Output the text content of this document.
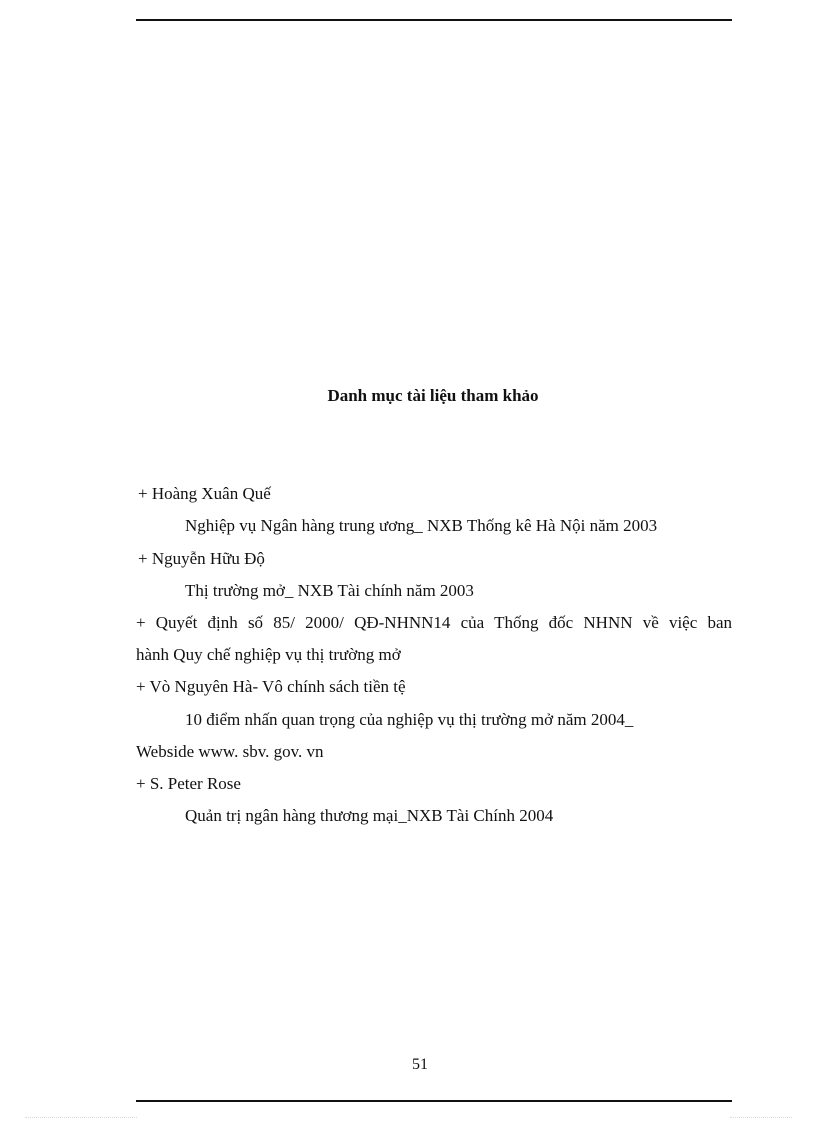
Danh mục tài liệu tham khảo
+ Hoàng Xuân Quế
Nghiệp vụ Ngân hàng trung ương_ NXB Thống kê Hà Nội năm 2003
+ Nguyễn Hữu Độ
Thị trường mở_ NXB Tài chính năm 2003
+ Quyết định số 85/ 2000/ QĐ-NHNN14 của Thống đốc NHNN về việc ban
hành Quy chế nghiệp vụ thị trường mở
+ Vò Nguyên Hà- Vô chính sách tiền tệ
10 điểm nhấn quan trọng của nghiệp vụ thị trường mở năm 2004_
Webside www. sbv. gov. vn
+ S. Peter Rose
Quản trị ngân hàng thương mại_NXB Tài Chính 2004
51
